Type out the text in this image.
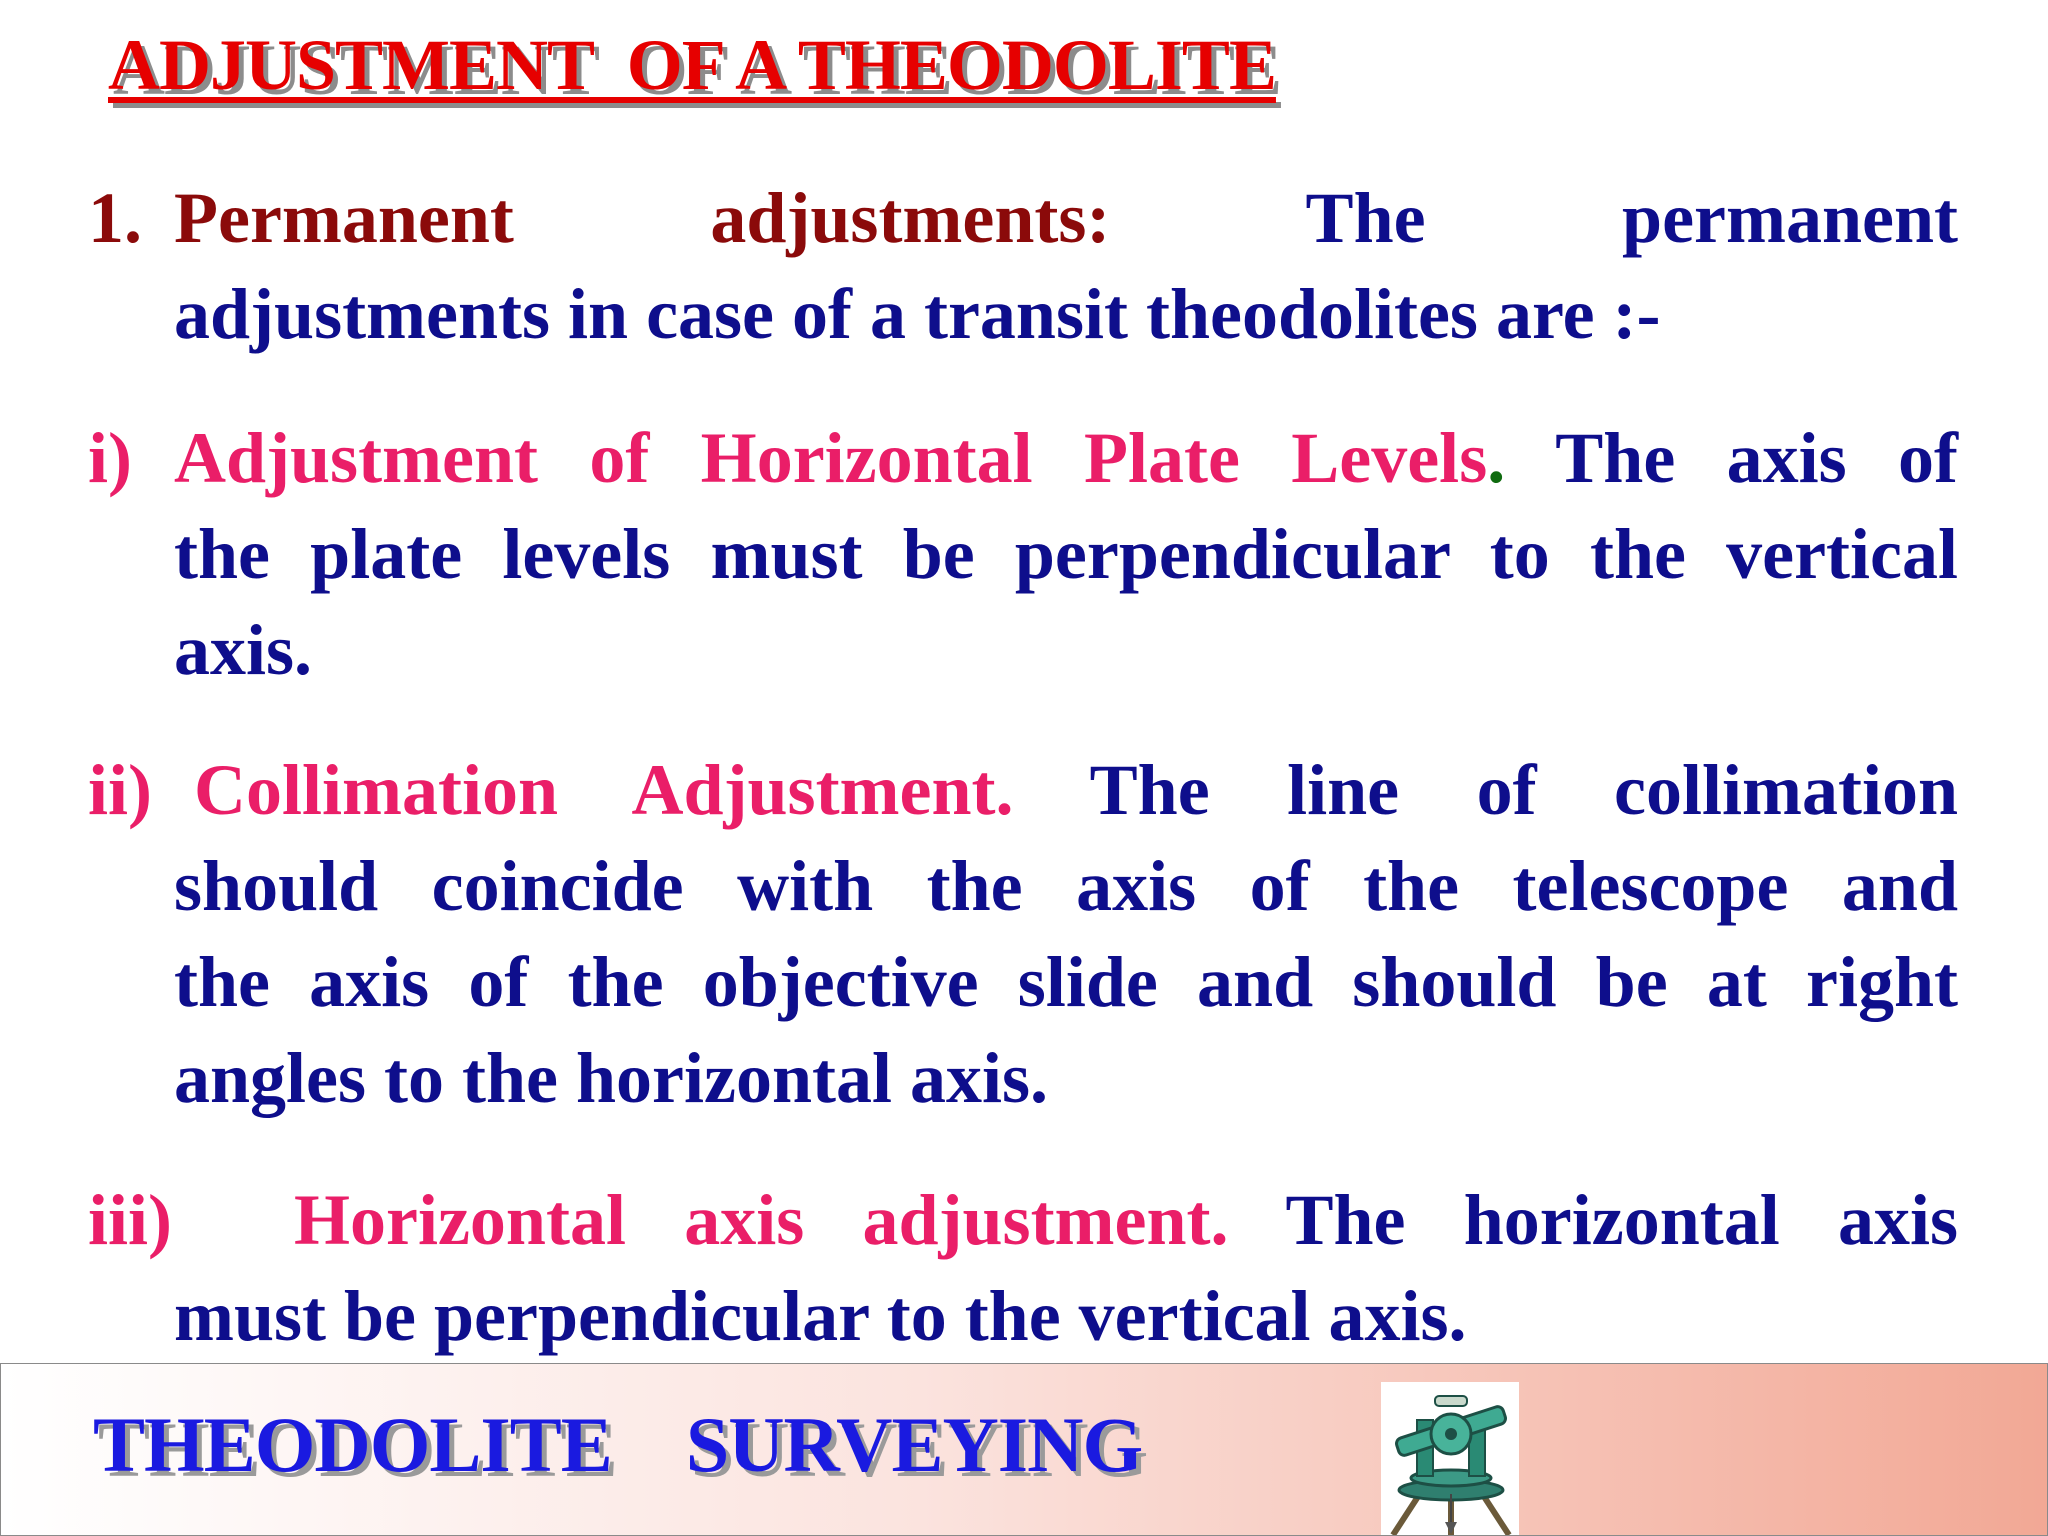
ADJUSTMENT  OF A THEODOLITE
1. Permanent adjustments:	The permanent
adjustments in case of a transit theodolites are :-
i) Adjustment of Horizontal Plate Levels. The axis of
the plate levels must be perpendicular to the vertical
axis.
ii) Collimation Adjustment. The line of collimation
should coincide with the axis of the telescope and
the axis of the objective slide and should be at right
angles to the horizontal axis.
iii) Horizontal axis adjustment. The horizontal axis
must be perpendicular to the vertical axis.
THEODOLITE    SURVEYING
